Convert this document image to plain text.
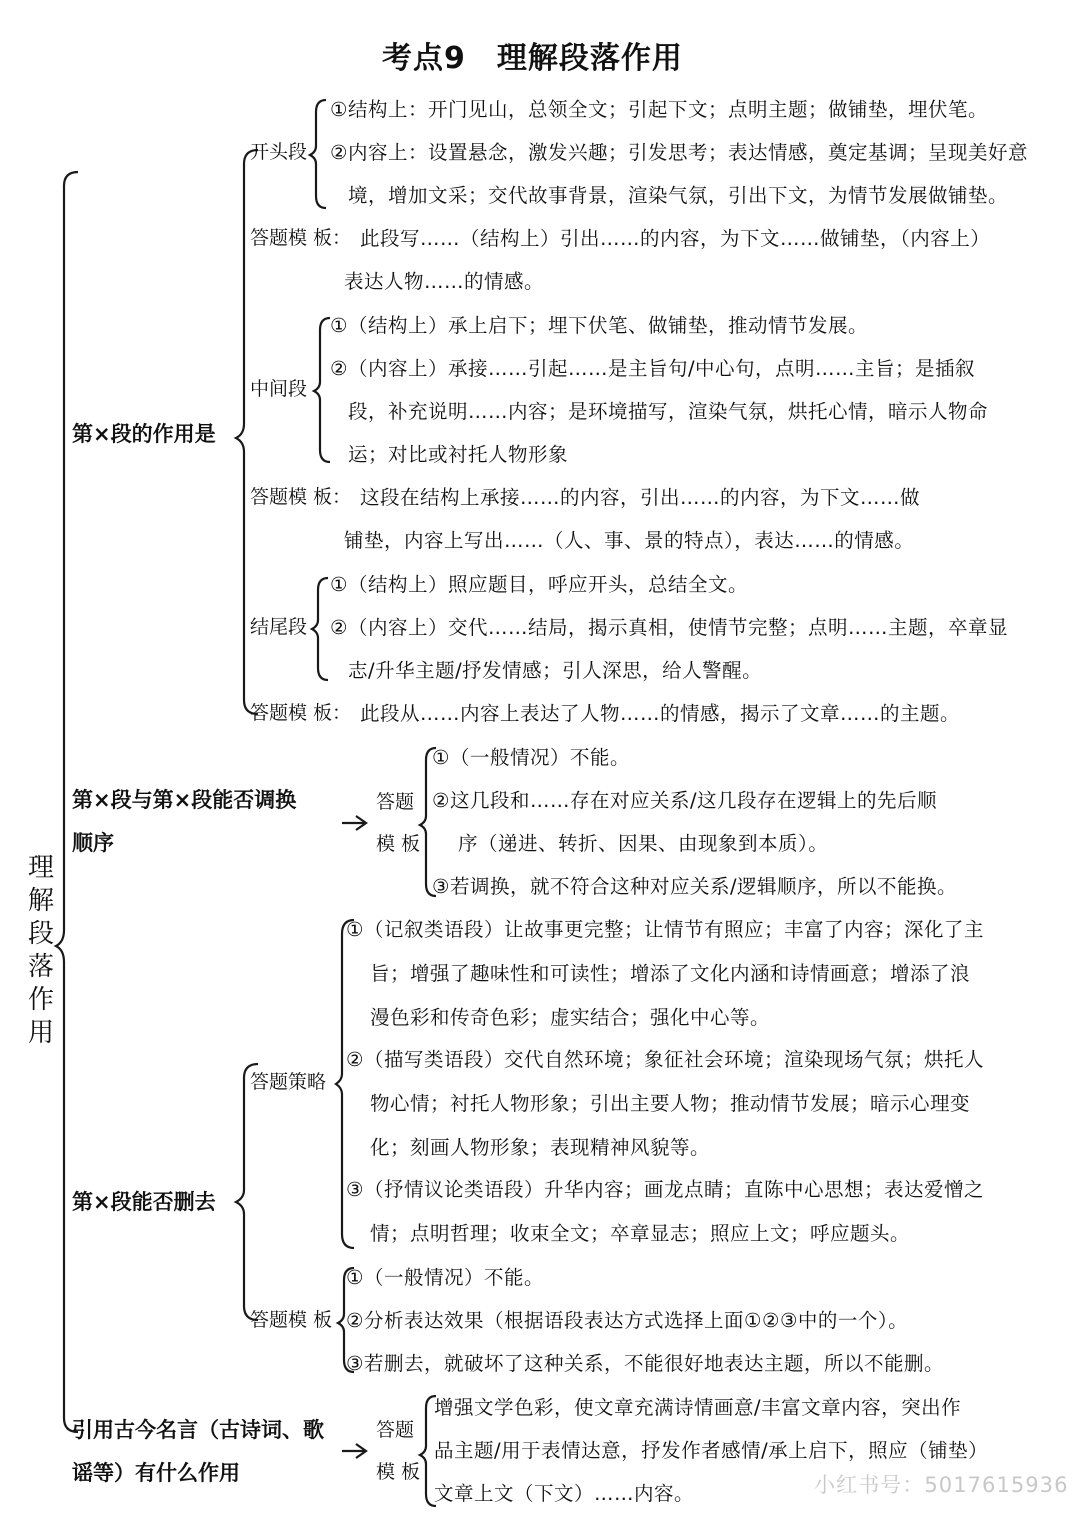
考点9　理解段落作用
理解段落作用
第×段的作用是
开头段
①结构上：开门见山，总领全文；引起下文；点明主题；做铺垫，埋伏笔。
②内容上：设置悬念，激发兴趣；引发思考；表达情感，奠定基调；呈现美好意
境，增加文采；交代故事背景，渲染气氛，引出下文，为情节发展做铺垫。
答题模 板： 此段写……（结构上）引出……的内容，为下文……做铺垫，（内容上）
表达人物……的情感。
中间段
①（结构上）承上启下；埋下伏笔、做铺垫，推动情节发展。
②（内容上）承接……引起……是主旨句/中心句，点明……主旨；是插叙
段，补充说明……内容；是环境描写，渲染气氛，烘托心情，暗示人物命
运；对比或衬托人物形象
答题模 板： 这段在结构上承接……的内容，引出……的内容，为下文……做
铺垫，内容上写出……（人、事、景的特点），表达……的情感。
结尾段
①（结构上）照应题目，呼应开头，总结全文。
②（内容上）交代……结局，揭示真相，使情节完整；点明……主题，卒章显
志/升华主题/抒发情感；引人深思，给人警醒。
答题模 板： 此段从……内容上表达了人物……的情感，揭示了文章……的主题。
第×段与第×段能否调换
顺序
答题
模 板
①（一般情况）不能。
②这几段和……存在对应关系/这几段存在逻辑上的先后顺
序（递进、转折、因果、由现象到本质）。
③若调换，就不符合这种对应关系/逻辑顺序，所以不能换。
第×段能否删去
答题策略
①（记叙类语段）让故事更完整；让情节有照应；丰富了内容；深化了主
旨；增强了趣味性和可读性；增添了文化内涵和诗情画意；增添了浪
漫色彩和传奇色彩；虚实结合；强化中心等。
②（描写类语段）交代自然环境；象征社会环境；渲染现场气氛；烘托人
物心情；衬托人物形象；引出主要人物；推动情节发展；暗示心理变
化；刻画人物形象；表现精神风貌等。
③（抒情议论类语段）升华内容；画龙点睛；直陈中心思想；表达爱憎之
情；点明哲理；收束全文；卒章显志；照应上文；呼应题头。
答题模 板
①（一般情况）不能。
②分析表达效果（根据语段表达方式选择上面①②③中的一个）。
③若删去，就破坏了这种关系，不能很好地表达主题，所以不能删。
引用古今名言（古诗词、歌
谣等）有什么作用
答题
模 板
增强文学色彩，使文章充满诗情画意/丰富文章内容，突出作
品主题/用于表情达意，抒发作者感情/承上启下，照应（铺垫）
文章上文（下文）……内容。	小红书号：5017615936
